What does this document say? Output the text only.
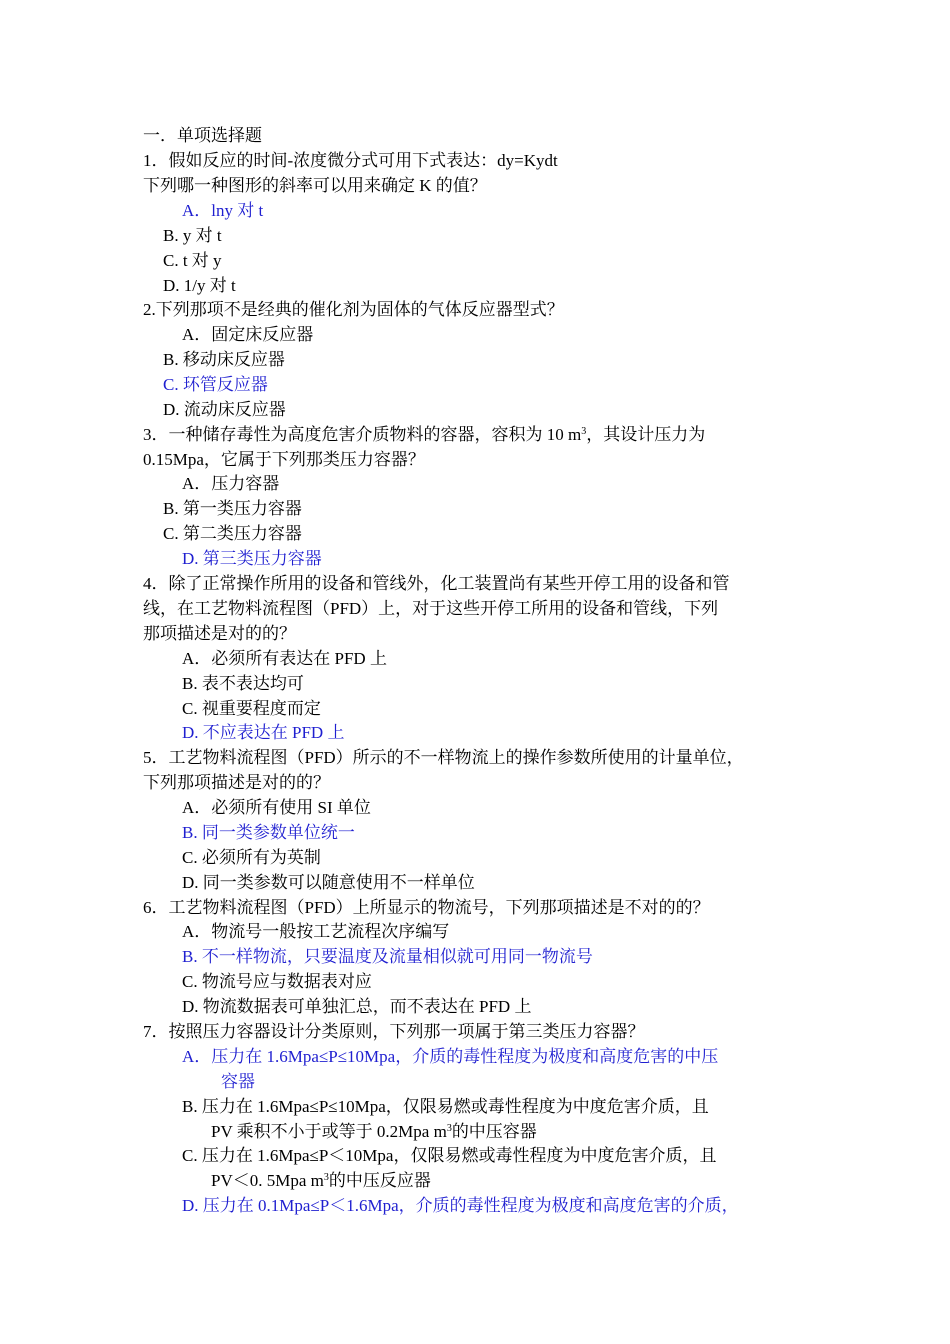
一．单项选择题
1．假如反应的时间-浓度微分式可用下式表达：dy=Kydt
下列哪一种图形的斜率可以用来确定 K 的值？
A．lny 对 t
B. y 对 t
C. t 对 y
D. 1/y 对 t
2.下列那项不是经典的催化剂为固体的气体反应器型式？
A．固定床反应器
B. 移动床反应器
C. 环管反应器
D. 流动床反应器
3．一种储存毒性为高度危害介质物料的容器，容积为 10 $m^3$，其设计压力为
0.15Mpa，它属于下列那类压力容器？
A．压力容器
B. 第一类压力容器
C. 第二类压力容器
D. 第三类压力容器
4．除了正常操作所用的设备和管线外，化工装置尚有某些开停工用的设备和管
线，在工艺物料流程图（PFD）上，对于这些开停工所用的设备和管线，下列
那项描述是对的的？
A．必须所有表达在 PFD 上
B. 表不表达均可
C. 视重要程度而定
D. 不应表达在 PFD 上
5．工艺物料流程图（PFD）所示的不一样物流上的操作参数所使用的计量单位，
下列那项描述是对的的？
A．必须所有使用 SI 单位
B. 同一类参数单位统一
C. 必须所有为英制
D. 同一类参数可以随意使用不一样单位
6．工艺物料流程图（PFD）上所显示的物流号，下列那项描述是不对的的？
A．物流号一般按工艺流程次序编写
B. 不一样物流，只要温度及流量相似就可用同一物流号
C. 物流号应与数据表对应
D. 物流数据表可单独汇总，而不表达在 PFD 上
7．按照压力容器设计分类原则，下列那一项属于第三类压力容器？
A．压力在 1.6Mpa≤P≤10Mpa，介质的毒性程度为极度和高度危害的中压
容器
B. 压力在 1.6Mpa≤P≤10Mpa，仅限易燃或毒性程度为中度危害介质，且
PV 乘积不小于或等于 0.2Mpa $m^3$的中压容器
C. 压力在 1.6Mpa≤P＜10Mpa，仅限易燃或毒性程度为中度危害介质，且
PV＜0. 5Mpa $m^3$的中压反应器
D. 压力在 0.1Mpa≤P＜1.6Mpa，介质的毒性程度为极度和高度危害的介质，
